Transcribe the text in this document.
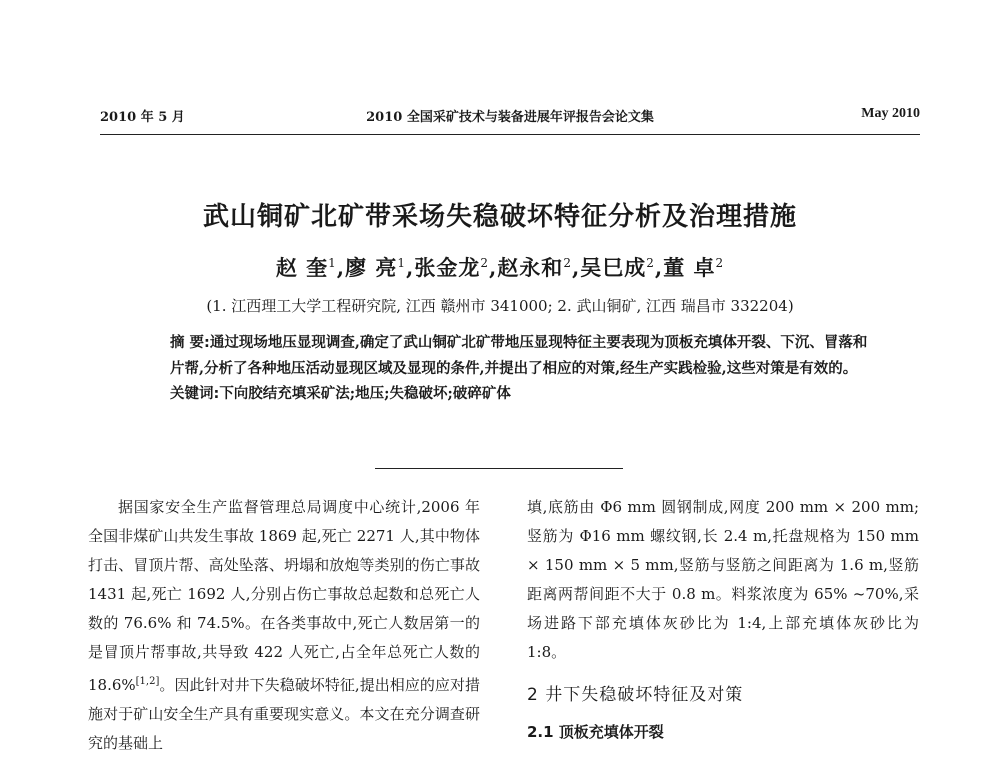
2010 年 5 月	2010 全国采矿技术与装备进展年评报告会论文集	May 2010
武山铜矿北矿带采场失稳破坏特征分析及治理措施
赵 奎$^1$,廖 亮$^1$,张金龙$^2$,赵永和$^2$,吴巳成$^2$,董 卓$^2$
(1. 江西理工大学工程研究院, 江西 赣州市 341000; 2. 武山铜矿, 江西 瑞昌市 332204)

摘 要:通过现场地压显现调查,确定了武山铜矿北矿带地压显现特征主要表现为顶板充填体开裂、下沉、冒落和片帮,分析了各种地压活动显现区域及显现的条件,并提出了相应的对策,经生产实践检验,这些对策是有效的。

关键词:下向胶结充填采矿法;地压;失稳破坏;破碎矿体

据国家安全生产监督管理总局调度中心统计,2006 年全国非煤矿山共发生事故 1869 起,死亡 2271 人,其中物体打击、冒顶片帮、高处坠落、坍塌和放炮等类别的伤亡事故 1431 起,死亡 1692 人,分别占伤亡事故总起数和总死亡人数的 76.6% 和 74.5%。在各类事故中,死亡人数居第一的是冒顶片帮事故,共导致 422 人死亡,占全年总死亡人数的 18.6%[1,2]。因此针对井下失稳破坏特征,提出相应的应对措施对于矿山安全生产具有重要现实意义。本文在充分调查研究的基础上

填,底筋由 Φ6 mm 圆钢制成,网度 200 mm × 200 mm;竖筋为 Φ16 mm 螺纹钢,长 2.4 m,托盘规格为 150 mm × 150 mm × 5 mm,竖筋与竖筋之间距离为 1.6 m,竖筋距离两帮间距不大于 0.8 m。料浆浓度为 65% ~70%,采场进路下部充填体灰砂比为 1:4,上部充填体灰砂比为 1:8。

2 井下失稳破坏特征及对策

2.1 顶板充填体开裂
